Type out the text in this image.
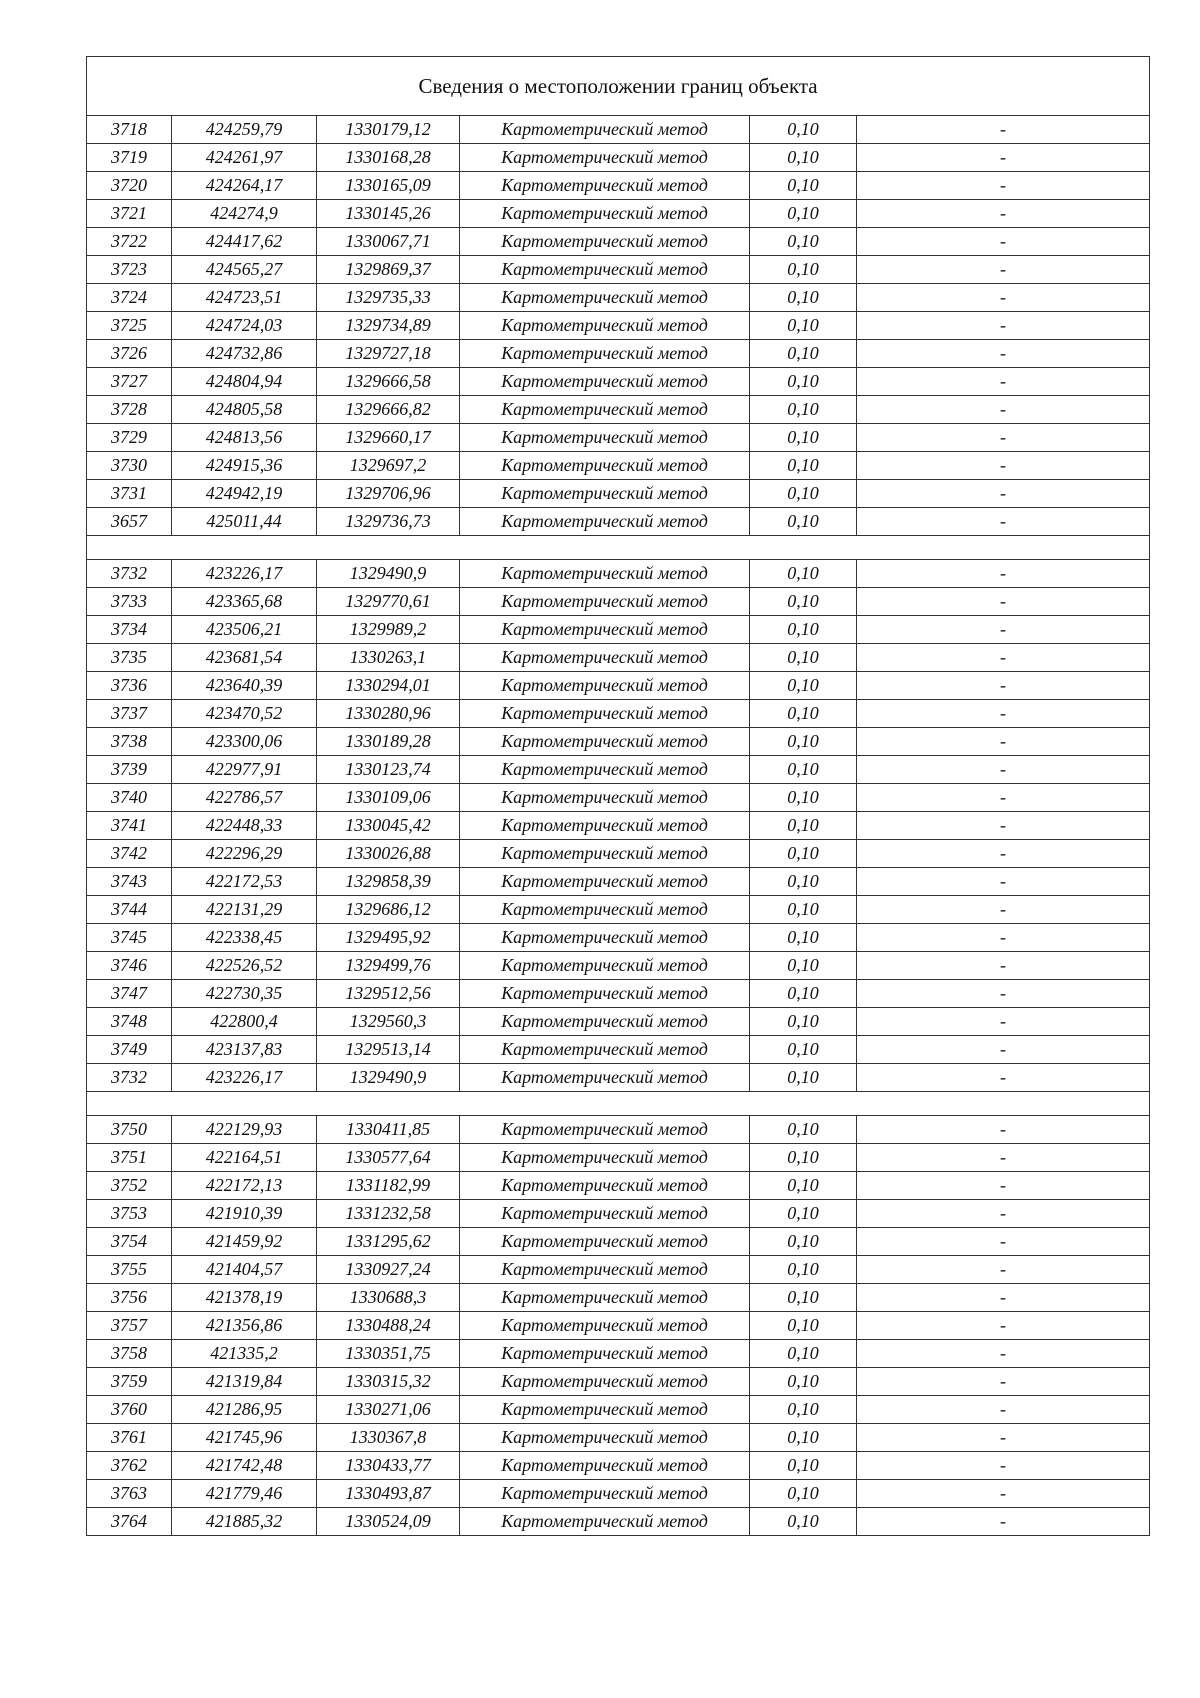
Сведения о местоположении границ объекта					
3718	424259,79	1330179,12	Картометрический метод	0,10	-
3719	424261,97	1330168,28	Картометрический метод	0,10	-
3720	424264,17	1330165,09	Картометрический метод	0,10	-
3721	424274,9	1330145,26	Картометрический метод	0,10	-
3722	424417,62	1330067,71	Картометрический метод	0,10	-
3723	424565,27	1329869,37	Картометрический метод	0,10	-
3724	424723,51	1329735,33	Картометрический метод	0,10	-
3725	424724,03	1329734,89	Картометрический метод	0,10	-
3726	424732,86	1329727,18	Картометрический метод	0,10	-
3727	424804,94	1329666,58	Картометрический метод	0,10	-
3728	424805,58	1329666,82	Картометрический метод	0,10	-
3729	424813,56	1329660,17	Картометрический метод	0,10	-
3730	424915,36	1329697,2	Картометрический метод	0,10	-
3731	424942,19	1329706,96	Картометрический метод	0,10	-
3657	425011,44	1329736,73	Картометрический метод	0,10	-

3732	423226,17	1329490,9	Картометрический метод	0,10	-
3733	423365,68	1329770,61	Картометрический метод	0,10	-
3734	423506,21	1329989,2	Картометрический метод	0,10	-
3735	423681,54	1330263,1	Картометрический метод	0,10	-
3736	423640,39	1330294,01	Картометрический метод	0,10	-
3737	423470,52	1330280,96	Картометрический метод	0,10	-
3738	423300,06	1330189,28	Картометрический метод	0,10	-
3739	422977,91	1330123,74	Картометрический метод	0,10	-
3740	422786,57	1330109,06	Картометрический метод	0,10	-
3741	422448,33	1330045,42	Картометрический метод	0,10	-
3742	422296,29	1330026,88	Картометрический метод	0,10	-
3743	422172,53	1329858,39	Картометрический метод	0,10	-
3744	422131,29	1329686,12	Картометрический метод	0,10	-
3745	422338,45	1329495,92	Картометрический метод	0,10	-
3746	422526,52	1329499,76	Картометрический метод	0,10	-
3747	422730,35	1329512,56	Картометрический метод	0,10	-
3748	422800,4	1329560,3	Картометрический метод	0,10	-
3749	423137,83	1329513,14	Картометрический метод	0,10	-
3732	423226,17	1329490,9	Картометрический метод	0,10	-

3750	422129,93	1330411,85	Картометрический метод	0,10	-
3751	422164,51	1330577,64	Картометрический метод	0,10	-
3752	422172,13	1331182,99	Картометрический метод	0,10	-
3753	421910,39	1331232,58	Картометрический метод	0,10	-
3754	421459,92	1331295,62	Картометрический метод	0,10	-
3755	421404,57	1330927,24	Картометрический метод	0,10	-
3756	421378,19	1330688,3	Картометрический метод	0,10	-
3757	421356,86	1330488,24	Картометрический метод	0,10	-
3758	421335,2	1330351,75	Картометрический метод	0,10	-
3759	421319,84	1330315,32	Картометрический метод	0,10	-
3760	421286,95	1330271,06	Картометрический метод	0,10	-
3761	421745,96	1330367,8	Картометрический метод	0,10	-
3762	421742,48	1330433,77	Картометрический метод	0,10	-
3763	421779,46	1330493,87	Картометрический метод	0,10	-
3764	421885,32	1330524,09	Картометрический метод	0,10	-
